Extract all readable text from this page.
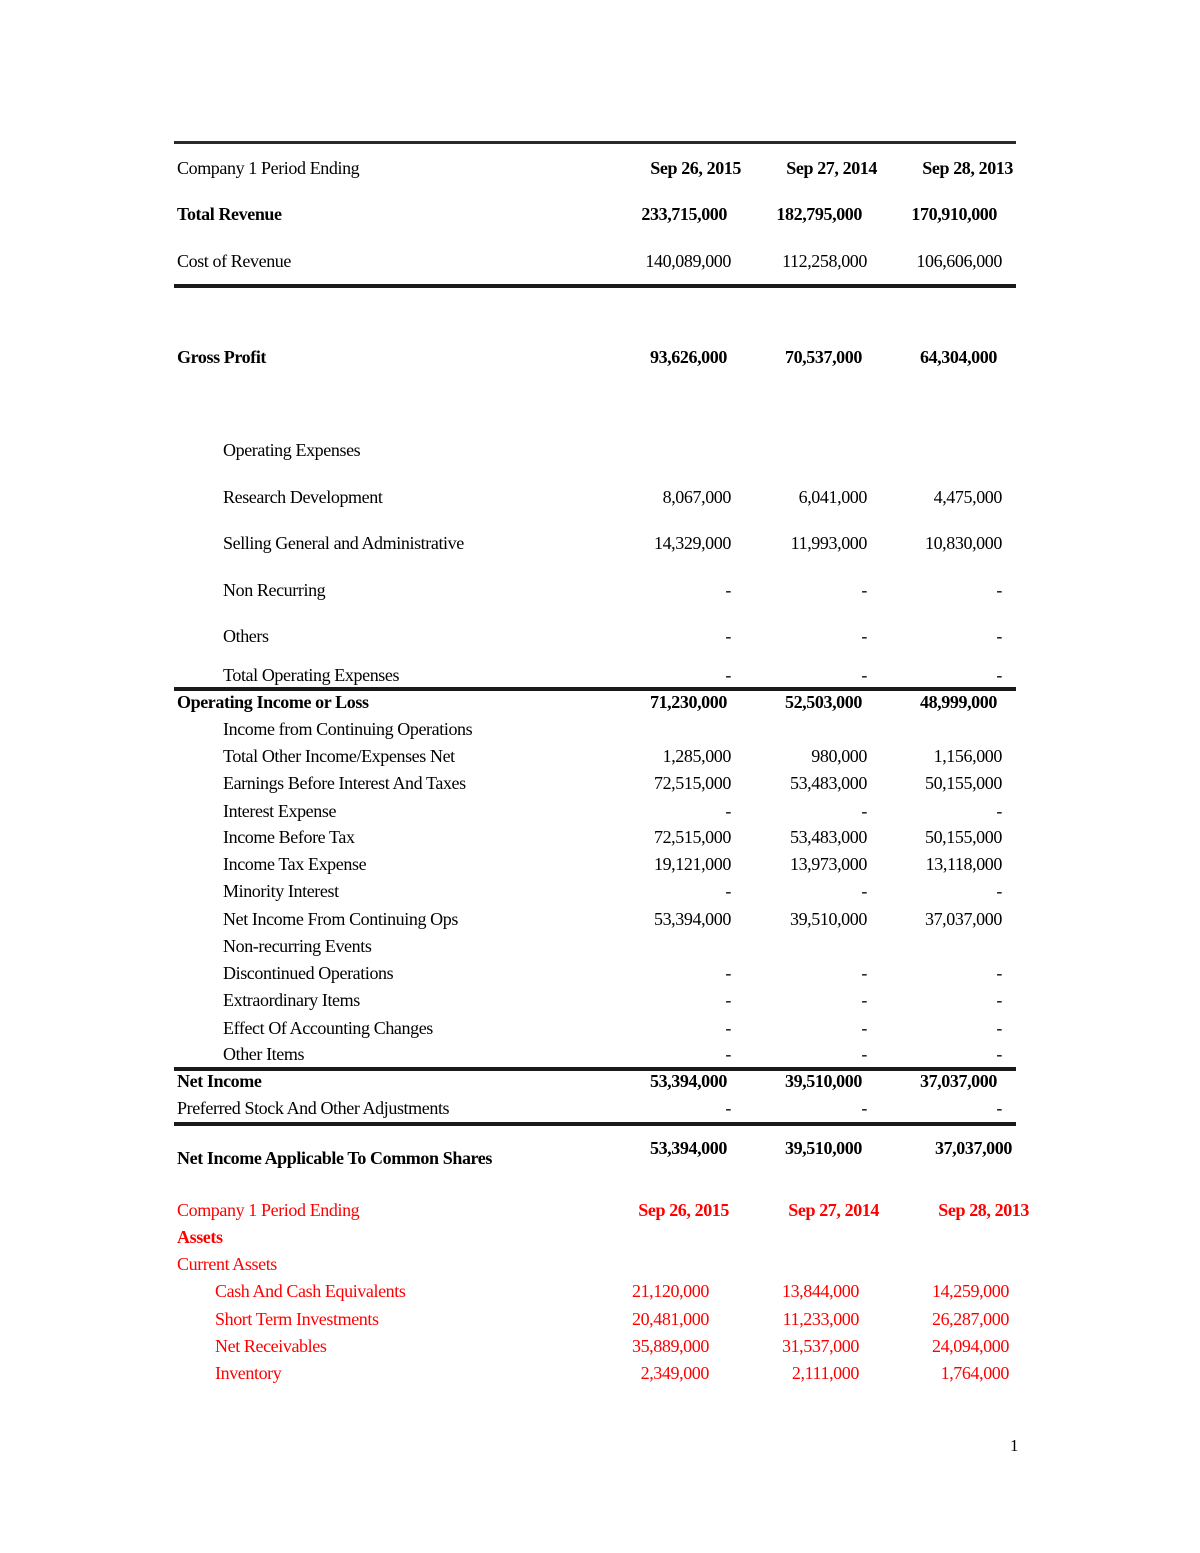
Company 1 Period Ending	Sep 26, 2015	Sep 27, 2014	Sep 28, 2013
Total Revenue	233,715,000	182,795,000	170,910,000
Cost of Revenue	140,089,000	112,258,000	106,606,000
Gross Profit	93,626,000	70,537,000	64,304,000
Operating Expenses
Research Development	8,067,000	6,041,000	4,475,000
Selling General and Administrative	14,329,000	11,993,000	10,830,000
Non Recurring	-	-	-
Others	-	-	-
Total Operating Expenses	-	-	-
Operating Income or Loss	71,230,000	52,503,000	48,999,000
Income from Continuing Operations
Total Other Income/Expenses Net	1,285,000	980,000	1,156,000
Earnings Before Interest And Taxes	72,515,000	53,483,000	50,155,000
Interest Expense	-	-	-
Income Before Tax	72,515,000	53,483,000	50,155,000
Income Tax Expense	19,121,000	13,973,000	13,118,000
Minority Interest	-	-	-
Net Income From Continuing Ops	53,394,000	39,510,000	37,037,000
Non-recurring Events
Discontinued Operations	-	-	-
Extraordinary Items	-	-	-
Effect Of Accounting Changes	-	-	-
Other Items	-	-	-
Net Income	53,394,000	39,510,000	37,037,000
Preferred Stock And Other Adjustments	-	-	-
Net Income Applicable To Common Shares	53,394,000	39,510,000	37,037,000
Company 1 Period Ending	Sep 26, 2015	Sep 27, 2014	Sep 28, 2013
Assets
Current Assets
Cash And Cash Equivalents	21,120,000	13,844,000	14,259,000
Short Term Investments	20,481,000	11,233,000	26,287,000
Net Receivables	35,889,000	31,537,000	24,094,000
Inventory	2,349,000	2,111,000	1,764,000
1
